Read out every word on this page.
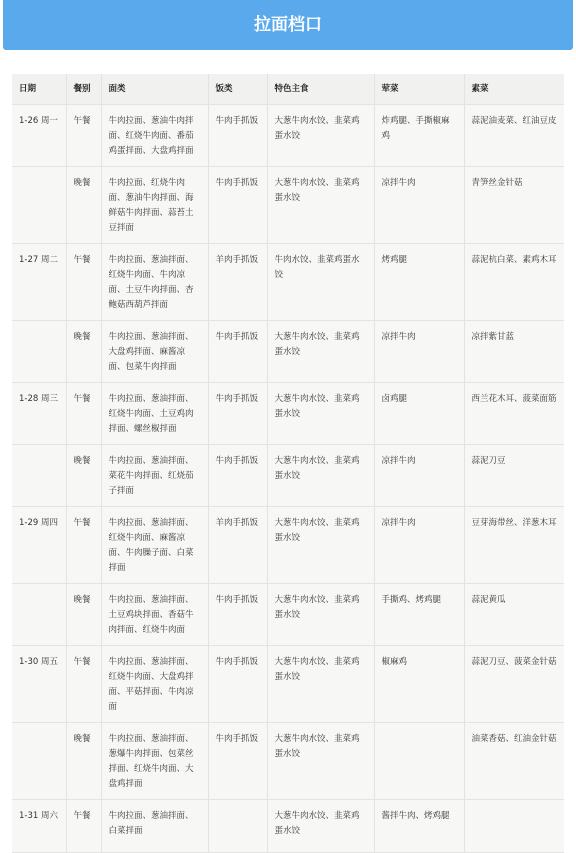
拉面档口
日期	餐别	面类	饭类	特色主食	荤菜	素菜
1-26 周一	午餐	牛肉拉面、葱油牛肉拌面、红烧牛肉面、番茄鸡蛋拌面、大盘鸡拌面	牛肉手抓饭	大葱牛肉水饺、韭菜鸡蛋水饺	炸鸡腿、手撕椒麻鸡	蒜泥油麦菜、红油豆皮
	晚餐	牛肉拉面、红烧牛肉面、葱油牛肉拌面、海鲜菇牛肉拌面、蒜苔土豆拌面	牛肉手抓饭	大葱牛肉水饺、韭菜鸡蛋水饺	凉拌牛肉	青笋丝金针菇
1-27 周二	午餐	牛肉拉面、葱油拌面、红烧牛肉面、牛肉凉面、土豆牛肉拌面、杏鲍菇西葫芦拌面	羊肉手抓饭	牛肉水饺、韭菜鸡蛋水饺	烤鸡腿	蒜泥杭白菜、素鸡木耳
	晚餐	牛肉拉面、葱油拌面、大盘鸡拌面、麻酱凉面、包菜牛肉拌面	牛肉手抓饭	大葱牛肉水饺、韭菜鸡蛋水饺	凉拌牛肉	凉拌紫甘蓝
1-28 周三	午餐	牛肉拉面、葱油拌面、红烧牛肉面、土豆鸡肉拌面、螺丝椒拌面	牛肉手抓饭	大葱牛肉水饺、韭菜鸡蛋水饺	卤鸡腿	西兰花木耳、菠菜面筋
	晚餐	牛肉拉面、葱油拌面、菜花牛肉拌面、红烧茄子拌面	牛肉手抓饭	大葱牛肉水饺、韭菜鸡蛋水饺	凉拌牛肉	蒜泥刀豆
1-29 周四	午餐	牛肉拉面、葱油拌面、红烧牛肉面、麻酱凉面、牛肉臊子面、白菜拌面	羊肉手抓饭	大葱牛肉水饺、韭菜鸡蛋水饺	凉拌牛肉	豆芽海带丝、洋葱木耳
	晚餐	牛肉拉面、葱油拌面、土豆鸡块拌面、香菇牛肉拌面、红烧牛肉面	牛肉手抓饭	大葱牛肉水饺、韭菜鸡蛋水饺	手撕鸡、烤鸡腿	蒜泥黄瓜
1-30 周五	午餐	牛肉拉面、葱油拌面、红烧牛肉面、大盘鸡拌面、平菇拌面、牛肉凉面	牛肉手抓饭	大葱牛肉水饺、韭菜鸡蛋水饺	椒麻鸡	蒜泥刀豆、菠菜金针菇
	晚餐	牛肉拉面、葱油拌面、葱爆牛肉拌面、包菜丝拌面、红烧牛肉面、大盘鸡拌面	牛肉手抓饭	大葱牛肉水饺、韭菜鸡蛋水饺		油菜香菇、红油金针菇
1-31 周六	午餐	牛肉拉面、葱油拌面、白菜拌面		大葱牛肉水饺、韭菜鸡蛋水饺	酱拌牛肉、烤鸡腿	
